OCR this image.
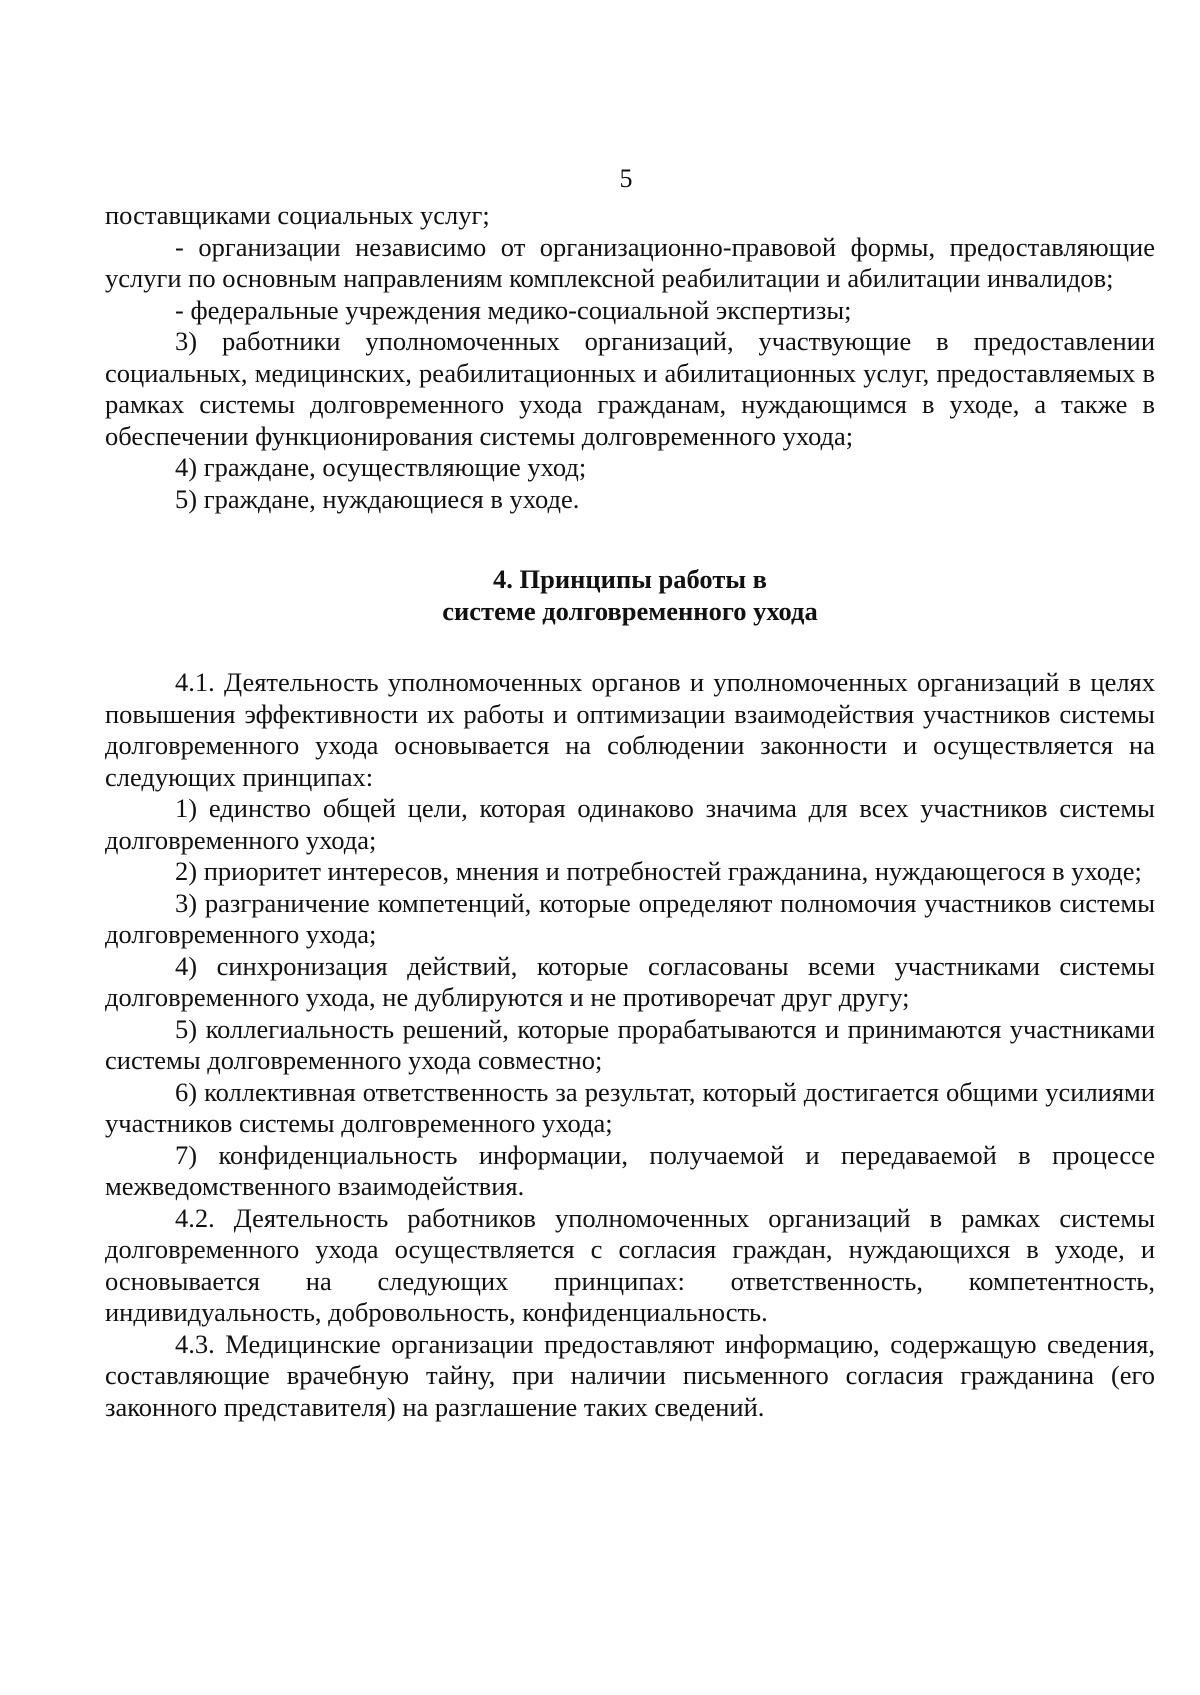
5

поставщиками социальных услуг;

- организации независимо от организационно-правовой формы, предоставляющие услуги по основным направлениям комплексной реабилитации и абилитации инвалидов;

- федеральные учреждения медико-социальной экспертизы;

3) работники уполномоченных организаций, участвующие в предоставлении социальных, медицинских, реабилитационных и абилитационных услуг, предоставляемых в рамках системы долговременного ухода гражданам, нуждающимся в уходе, а также в обеспечении функционирования системы долговременного ухода;

4) граждане, осуществляющие уход;

5) граждане, нуждающиеся в уходе.

4. Принципы работы в
системе долговременного ухода

4.1. Деятельность уполномоченных органов и уполномоченных организаций в целях повышения эффективности их работы и оптимизации взаимодействия участников системы долговременного ухода основывается на соблюдении законности и осуществляется на следующих принципах:

1) единство общей цели, которая одинаково значима для всех участников системы долговременного ухода;

2) приоритет интересов, мнения и потребностей гражданина, нуждающегося в уходе;

3) разграничение компетенций, которые определяют полномочия участников системы долговременного ухода;

4) синхронизация действий, которые согласованы всеми участниками системы долговременного ухода, не дублируются и не противоречат друг другу;

5) коллегиальность решений, которые прорабатываются и принимаются участниками системы долговременного ухода совместно;

6) коллективная ответственность за результат, который достигается общими усилиями участников системы долговременного ухода;

7) конфиденциальность информации, получаемой и передаваемой в процессе межведомственного взаимодействия.

4.2. Деятельность работников уполномоченных организаций в рамках системы долговременного ухода осуществляется с согласия граждан, нуждающихся в уходе, и основывается на следующих принципах: ответственность, компетентность, индивидуальность, добровольность, конфиденциальность.

4.3. Медицинские организации предоставляют информацию, содержащую сведения, составляющие врачебную тайну, при наличии письменного согласия гражданина (его законного представителя) на разглашение таких сведений.
